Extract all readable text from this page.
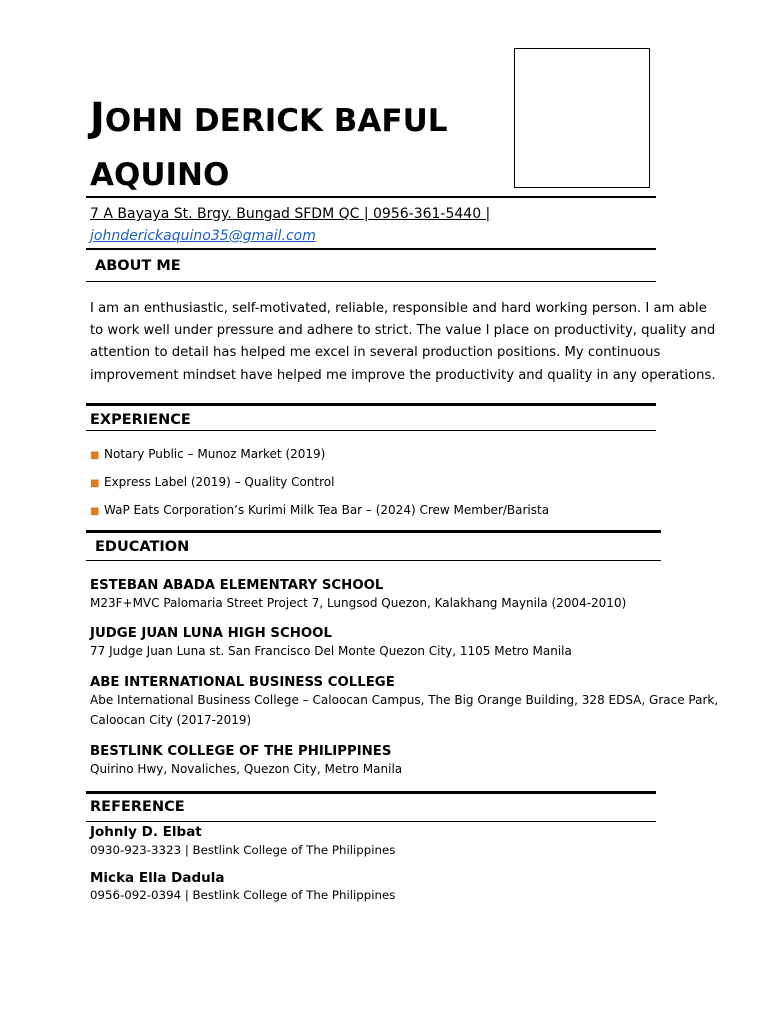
JOHN DERICK BAFUL
AQUINO
7 A Bayaya St. Brgy. Bungad SFDM QC | 0956-361-5440 |
johnderickaquino35@gmail.com
ABOUT ME
I am an enthusiastic, self-motivated, reliable, responsible and hard working person. I am able
to work well under pressure and adhere to strict. The value I place on productivity, quality and
attention to detail has helped me excel in several production positions. My continuous
improvement mindset have helped me improve the productivity and quality in any operations.
EXPERIENCE
■ Notary Public – Munoz Market (2019)
■ Express Label (2019) – Quality Control
■ WaP Eats Corporation’s Kurimi Milk Tea Bar – (2024) Crew Member/Barista
EDUCATION
ESTEBAN ABADA ELEMENTARY SCHOOL
M23F+MVC Palomaria Street Project 7, Lungsod Quezon, Kalakhang Maynila (2004-2010)
JUDGE JUAN LUNA HIGH SCHOOL
77 Judge Juan Luna st. San Francisco Del Monte Quezon City, 1105 Metro Manila
ABE INTERNATIONAL BUSINESS COLLEGE
Abe International Business College – Caloocan Campus, The Big Orange Building, 328 EDSA, Grace Park,
Caloocan City (2017-2019)
BESTLINK COLLEGE OF THE PHILIPPINES
Quirino Hwy, Novaliches, Quezon City, Metro Manila
REFERENCE
Johnly D. Elbat
0930-923-3323 | Bestlink College of The Philippines
Micka Ella Dadula
0956-092-0394 | Bestlink College of The Philippines
